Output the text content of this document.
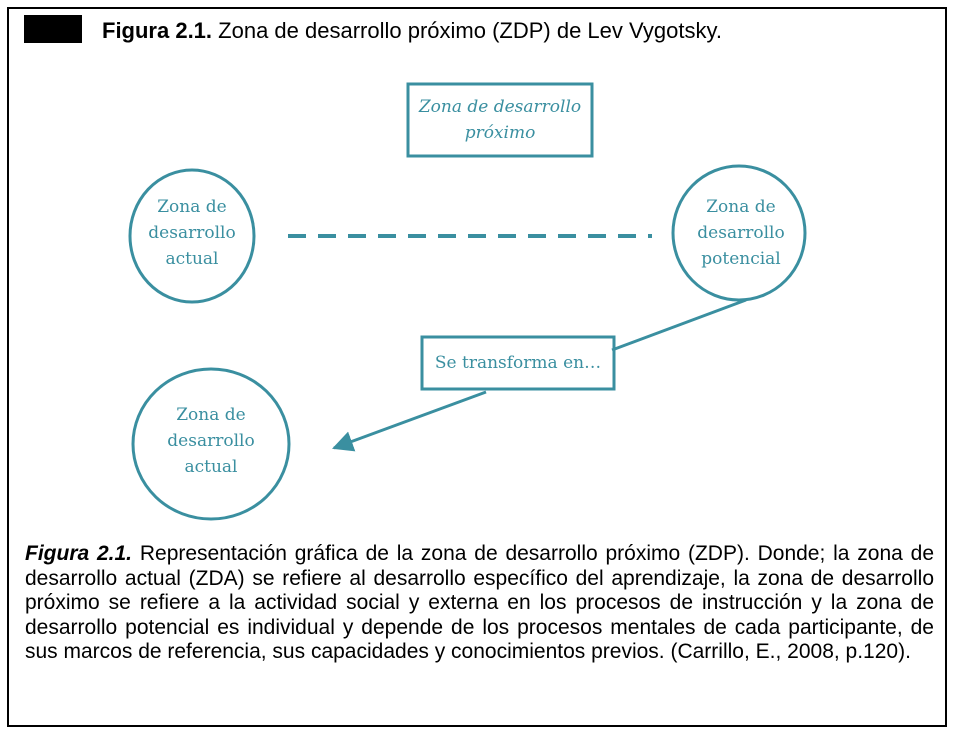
Figura 2.1. Zona de desarrollo próximo (ZDP) de Lev Vygotsky.
Figura 2.1. Representación gráfica de la zona de desarrollo próximo (ZDP). Donde; la zona de desarrollo actual (ZDA) se refiere al desarrollo específico del aprendizaje, la zona de desarrollo próximo se refiere a la actividad social y externa en los procesos de instrucción y la zona de desarrollo potencial es individual y depende de los procesos mentales de cada participante, de sus marcos de referencia, sus capacidades y conocimientos previos. (Carrillo, E., 2008, p.120).
Zona de desarrollo
próximo
Zona de
desarrollo
actual
Zona de
desarrollo
potencial
Se transforma en…
Zona de
desarrollo
actual
